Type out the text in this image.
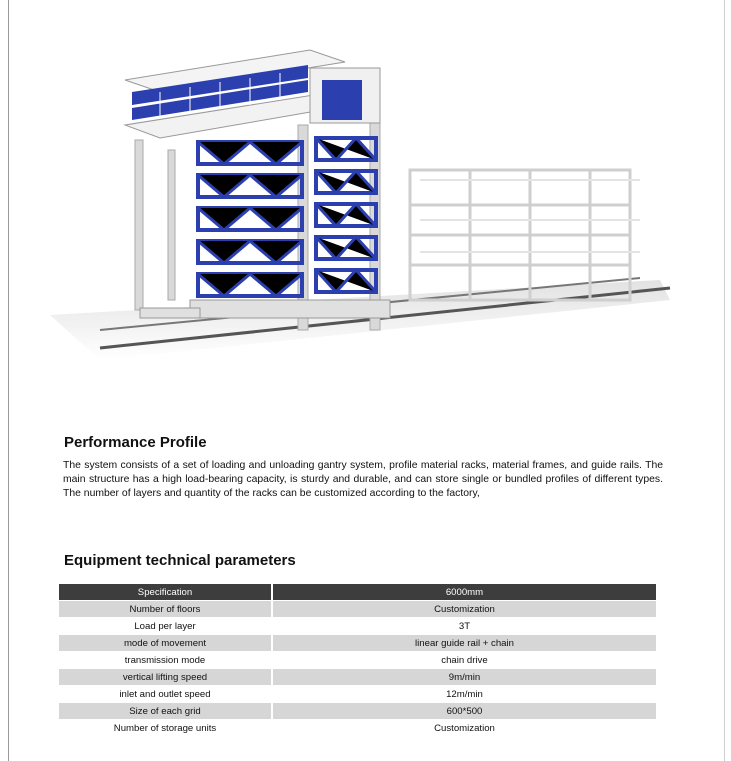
Performance Profile

The system consists of a set of loading and unloading gantry system, profile material racks, material frames, and guide rails. The main structure has a high load-bearing capacity, is sturdy and durable, and can store single or bundled profiles of different types. The number of layers and quantity of the racks can be customized according to the factory,

Equipment technical parameters
Specification	6000mm
Number of floors	Customization
Load per layer	3T
mode of movement	linear guide rail + chain
transmission mode	chain drive
vertical lifting speed	9m/min
inlet and outlet speed	12m/min
Size of each grid	600*500
Number of storage units	Customization
